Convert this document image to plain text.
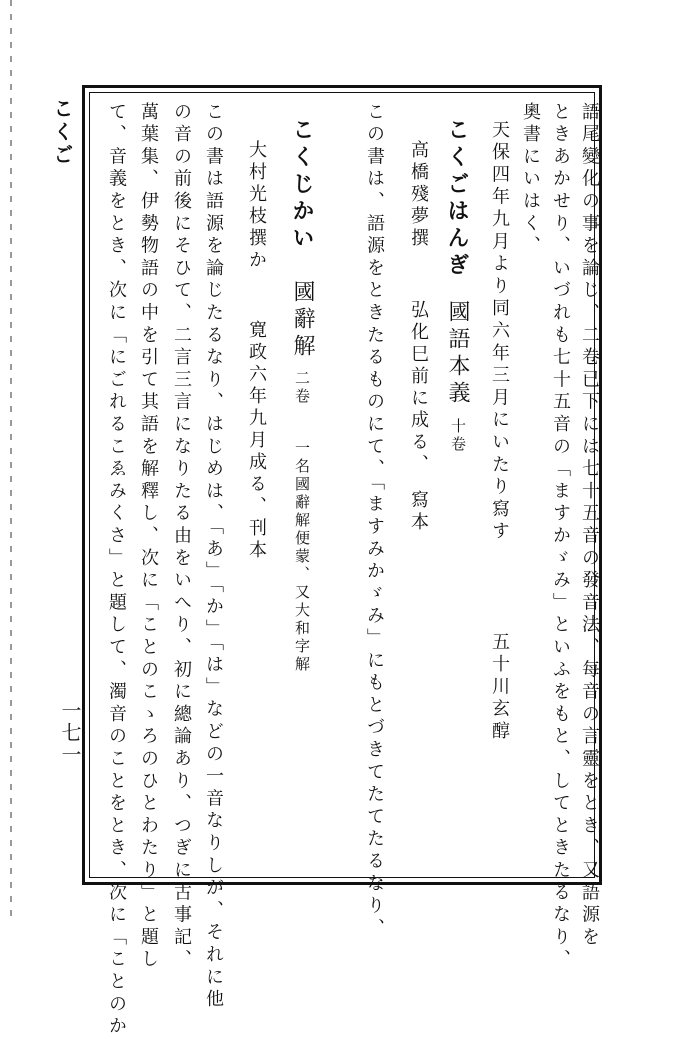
こくご	語尾變化の事を論じ、二卷已下には七十五音の發音法、每音の言靈をとき、又語源を
ときあかせり、いづれも七十五音の「ますかゞみ」といふをもと、してときたるなり、
奧書にいはく、
天保四年九月より同六年三月にいたり寫す
五十川玄醇
こくごはんぎ
國語本義
十卷
高橋殘夢撰
弘化巳前に成る、
寫本
この書は、語源をときたるものにて、「ますみかゞみ」にもとづきてたてたるなり、
こくじかい
國辭解
二卷
一名國辭解便蒙、又大和字解
大村光枝撰か
寛政六年九月成る、
刊本
この書は語源を論じたるなり、はじめは、「あ」「か」「は」などの一音なりしが、それに他
の音の前後にそひて、二言三言になりたる由をいへり、初に總論あり、つぎに古事記、
萬葉集、伊勢物語の中を引て其語を解釋し、次に「ことのこゝろのひとわたり」と題し
て、音義をとき、次に「にごれるこゑみくさ」と題して、濁音のことをとき、次に「ことのか
一七一
